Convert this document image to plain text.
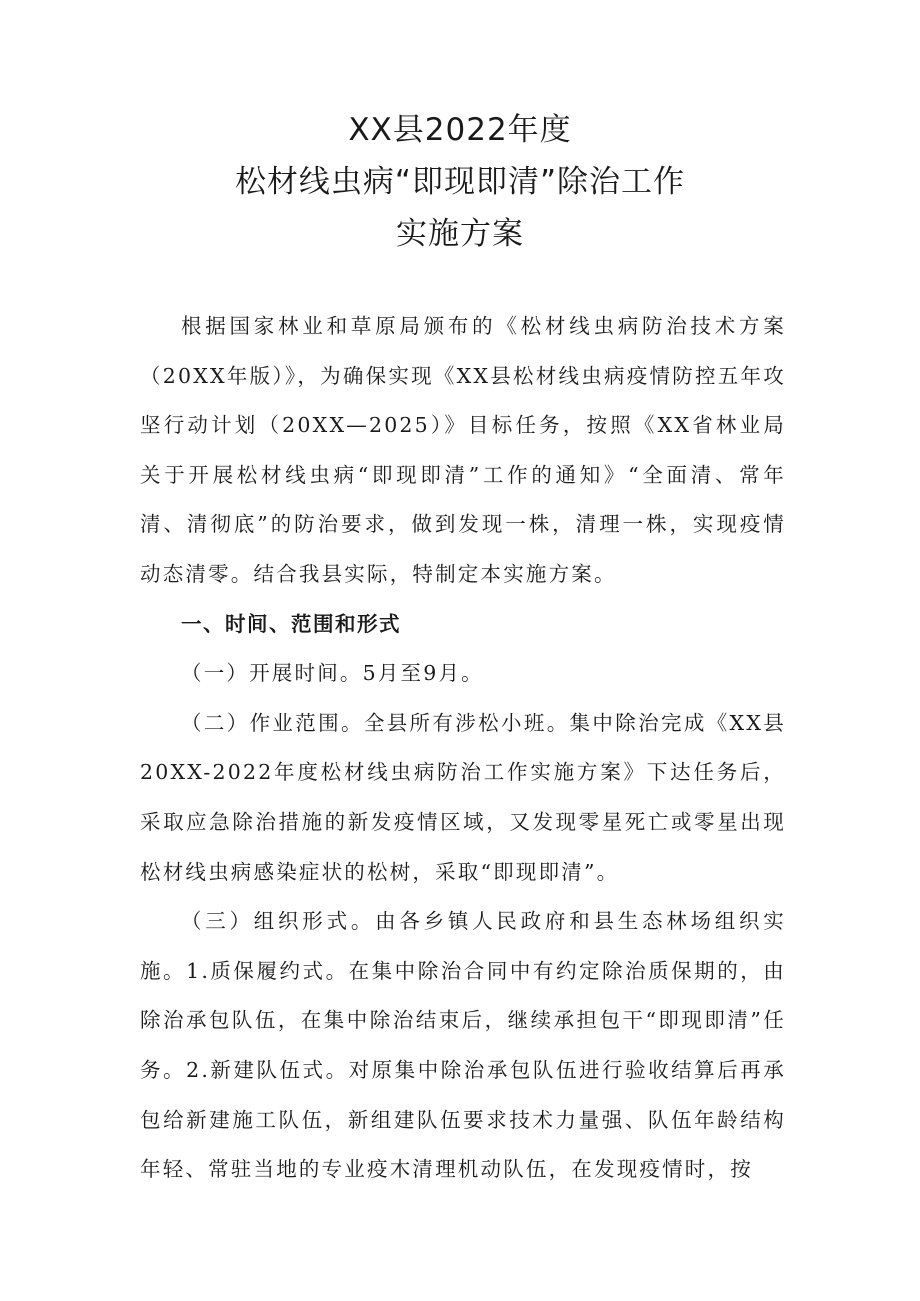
XX县2022年度
松材线虫病“即现即清”除治工作
实施方案

根据国家林业和草原局颁布的《松材线虫病防治技术方案（20XX年版）》，为确保实现《XX县松材线虫病疫情防控五年攻坚行动计划（20XX—2025）》目标任务，按照《XX省林业局关于开展松材线虫病“即现即清”工作的通知》“全面清、常年清、清彻底”的防治要求，做到发现一株，清理一株，实现疫情动态清零。结合我县实际，特制定本实施方案。

一、时间、范围和形式

（一）开展时间。5月至9月。

（二）作业范围。全县所有涉松小班。集中除治完成《XX县20XX-2022年度松材线虫病防治工作实施方案》下达任务后，采取应急除治措施的新发疫情区域，又发现零星死亡或零星出现松材线虫病感染症状的松树，采取“即现即清”。

（三）组织形式。由各乡镇人民政府和县生态林场组织实施。1.质保履约式。在集中除治合同中有约定除治质保期的，由除治承包队伍，在集中除治结束后，继续承担包干“即现即清”任务。2.新建队伍式。对原集中除治承包队伍进行验收结算后再承包给新建施工队伍，新组建队伍要求技术力量强、队伍年龄结构年轻、常驻当地的专业疫木清理机动队伍，在发现疫情时，按
